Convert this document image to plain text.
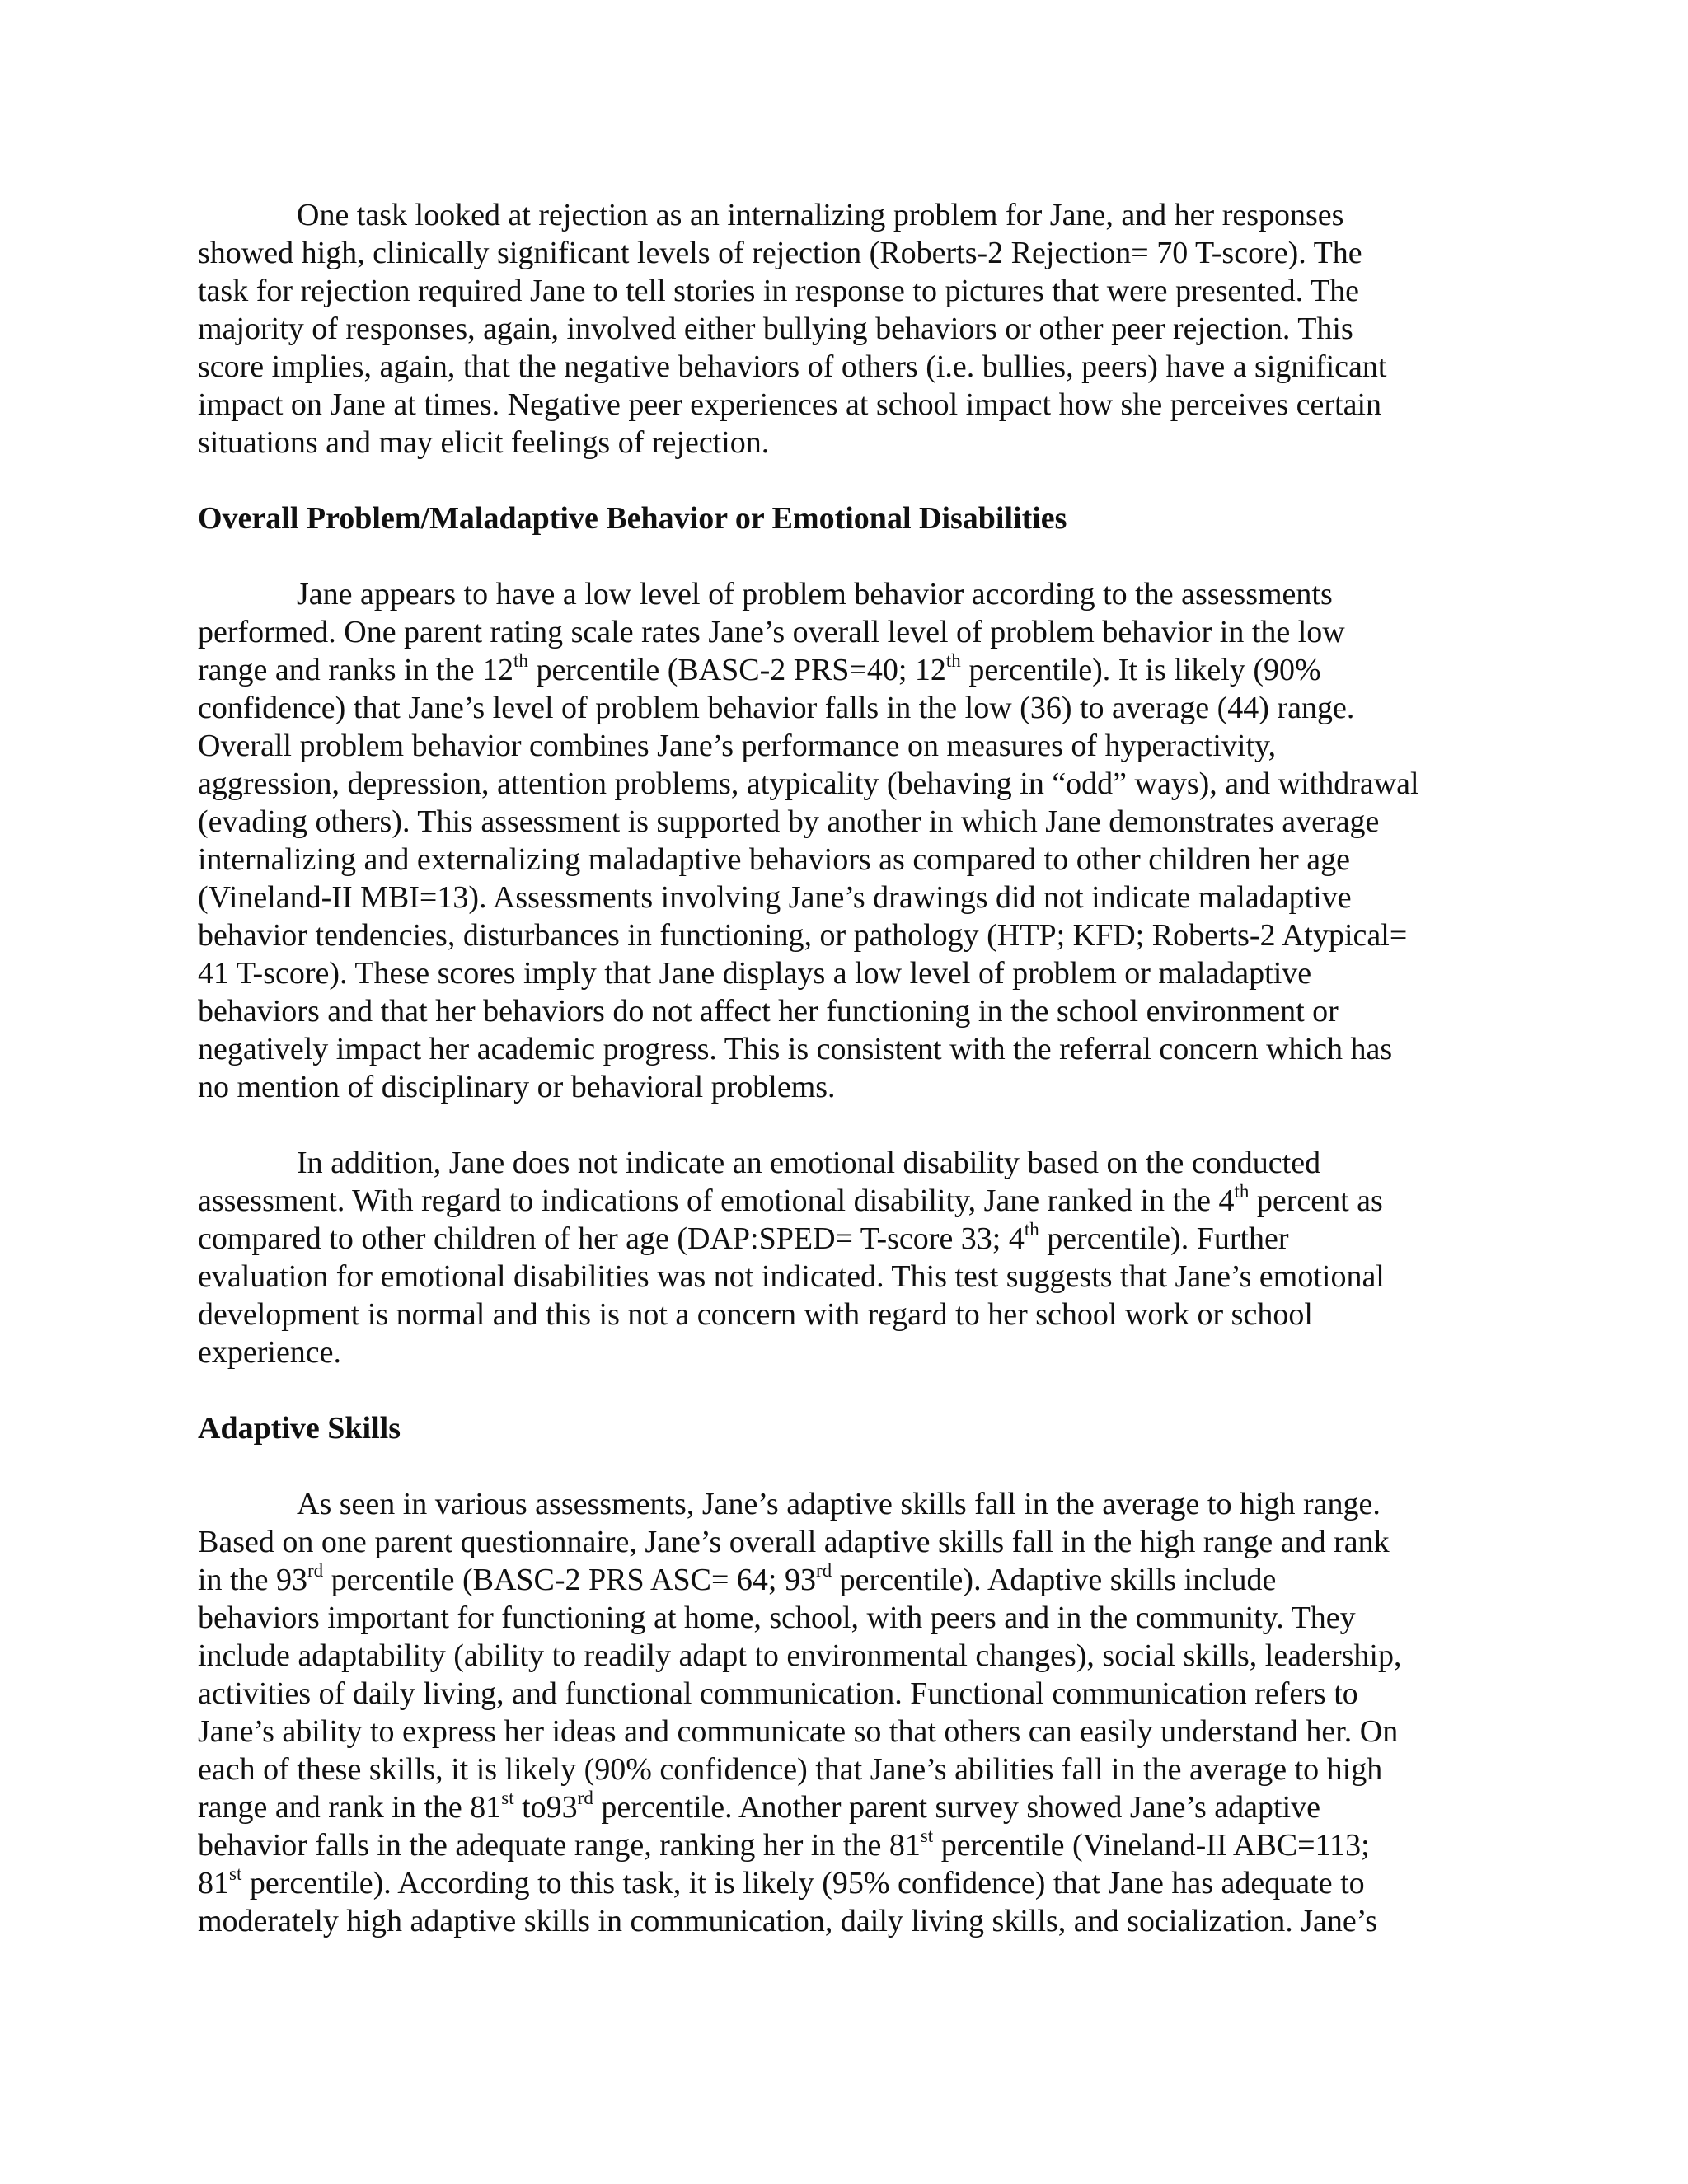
One task looked at rejection as an internalizing problem for Jane, and her responses
showed high, clinically significant levels of rejection (Roberts-2 Rejection= 70 T-score). The
task for rejection required Jane to tell stories in response to pictures that were presented. The
majority of responses, again, involved either bullying behaviors or other peer rejection. This
score implies, again, that the negative behaviors of others (i.e. bullies, peers) have a significant
impact on Jane at times. Negative peer experiences at school impact how she perceives certain
situations and may elicit feelings of rejection.
Overall Problem/Maladaptive Behavior or Emotional Disabilities
Jane appears to have a low level of problem behavior according to the assessments
performed. One parent rating scale rates Jane’s overall level of problem behavior in the low
range and ranks in the 12th percentile (BASC-2 PRS=40; 12th percentile). It is likely (90%
confidence) that Jane’s level of problem behavior falls in the low (36) to average (44) range.
Overall problem behavior combines Jane’s performance on measures of hyperactivity,
aggression, depression, attention problems, atypicality (behaving in “odd” ways), and withdrawal
(evading others). This assessment is supported by another in which Jane demonstrates average
internalizing and externalizing maladaptive behaviors as compared to other children her age
(Vineland-II MBI=13). Assessments involving Jane’s drawings did not indicate maladaptive
behavior tendencies, disturbances in functioning, or pathology (HTP; KFD; Roberts-2 Atypical=
41 T-score). These scores imply that Jane displays a low level of problem or maladaptive
behaviors and that her behaviors do not affect her functioning in the school environment or
negatively impact her academic progress. This is consistent with the referral concern which has
no mention of disciplinary or behavioral problems.
In addition, Jane does not indicate an emotional disability based on the conducted
assessment. With regard to indications of emotional disability, Jane ranked in the 4th percent as
compared to other children of her age (DAP:SPED= T-score 33; 4th percentile). Further
evaluation for emotional disabilities was not indicated. This test suggests that Jane’s emotional
development is normal and this is not a concern with regard to her school work or school
experience.
Adaptive Skills
As seen in various assessments, Jane’s adaptive skills fall in the average to high range.
Based on one parent questionnaire, Jane’s overall adaptive skills fall in the high range and rank
in the 93rd percentile (BASC-2 PRS ASC= 64; 93rd percentile). Adaptive skills include
behaviors important for functioning at home, school, with peers and in the community. They
include adaptability (ability to readily adapt to environmental changes), social skills, leadership,
activities of daily living, and functional communication. Functional communication refers to
Jane’s ability to express her ideas and communicate so that others can easily understand her. On
each of these skills, it is likely (90% confidence) that Jane’s abilities fall in the average to high
range and rank in the 81st to93rd percentile. Another parent survey showed Jane’s adaptive
behavior falls in the adequate range, ranking her in the 81st percentile (Vineland-II ABC=113;
81st percentile). According to this task, it is likely (95% confidence) that Jane has adequate to
moderately high adaptive skills in communication, daily living skills, and socialization. Jane’s
